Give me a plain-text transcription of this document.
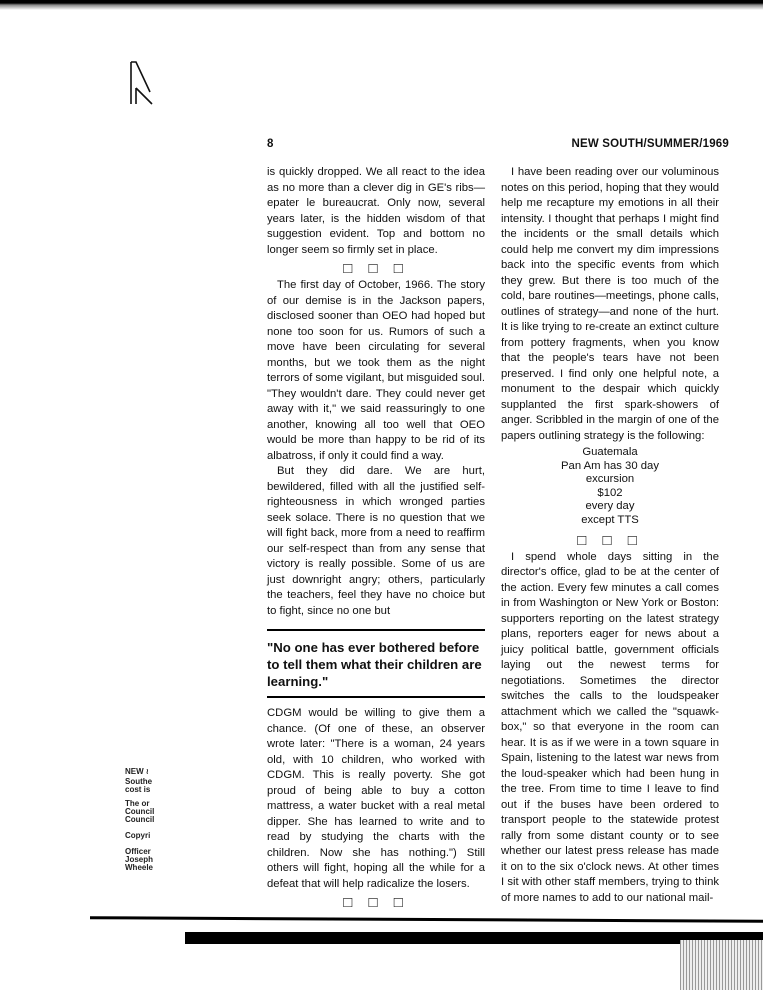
NEW ≀
Southe
cost is
The or
Council
Council
Copyri
Officer
Joseph
Wheele
8	NEW SOUTH/SUMMER/1969

is quickly dropped. We all react to the idea as no more than a clever dig in GE's ribs—epater le bureaucrat. Only now, several years later, is the hidden wisdom of that suggestion evident. Top and bottom no longer seem so firmly set in place.

□ □ □

The first day of October, 1966. The story of our demise is in the Jackson papers, disclosed sooner than OEO had hoped but none too soon for us. Rumors of such a move have been circulating for several months, but we took them as the night terrors of some vigilant, but misguided soul. "They wouldn't dare. They could never get away with it," we said reassuringly to one another, knowing all too well that OEO would be more than happy to be rid of its albatross, if only it could find a way.

But they did dare. We are hurt, bewildered, filled with all the justified self-righteousness in which wronged parties seek solace. There is no question that we will fight back, more from a need to reaffirm our self-respect than from any sense that victory is really possible. Some of us are just downright angry; others, particularly the teachers, feel they have no choice but to fight, since no one but

"No one has ever bothered before to tell them what their children are learning."

CDGM would be willing to give them a chance. (Of one of these, an observer wrote later: "There is a woman, 24 years old, with 10 children, who worked with CDGM. This is really poverty. She got proud of being able to buy a cotton mattress, a water bucket with a real metal dipper. She has learned to write and to read by studying the charts with the children. Now she has nothing.") Still others will fight, hoping all the while for a defeat that will help radicalize the losers.

□ □ □

I have been reading over our voluminous notes on this period, hoping that they would help me recapture my emotions in all their intensity. I thought that perhaps I might find the incidents or the small details which could help me convert my dim impressions back into the specific events from which they grew. But there is too much of the cold, bare routines—meetings, phone calls, outlines of strategy—and none of the hurt. It is like trying to re-create an extinct culture from pottery fragments, when you know that the people's tears have not been preserved. I find only one helpful note, a monument to the despair which quickly supplanted the first spark-showers of anger. Scribbled in the margin of one of the papers outlining strategy is the following:

Guatemala
Pan Am has 30 day
excursion
$102
every day
except TTS
□ □ □

I spend whole days sitting in the director's office, glad to be at the center of the action. Every few minutes a call comes in from Washington or New York or Boston: supporters reporting on the latest strategy plans, reporters eager for news about a juicy political battle, government officials laying out the newest terms for negotiations. Sometimes the director switches the calls to the loudspeaker attachment which we called the "squawk-box," so that everyone in the room can hear. It is as if we were in a town square in Spain, listening to the latest war news from the loud-speaker which had been hung in the tree. From time to time I leave to find out if the buses have been ordered to transport people to the statewide protest rally from some distant county or to see whether our latest press release has made it on to the six o'clock news. At other times I sit with other staff members, trying to think of more names to add to our national mail-
